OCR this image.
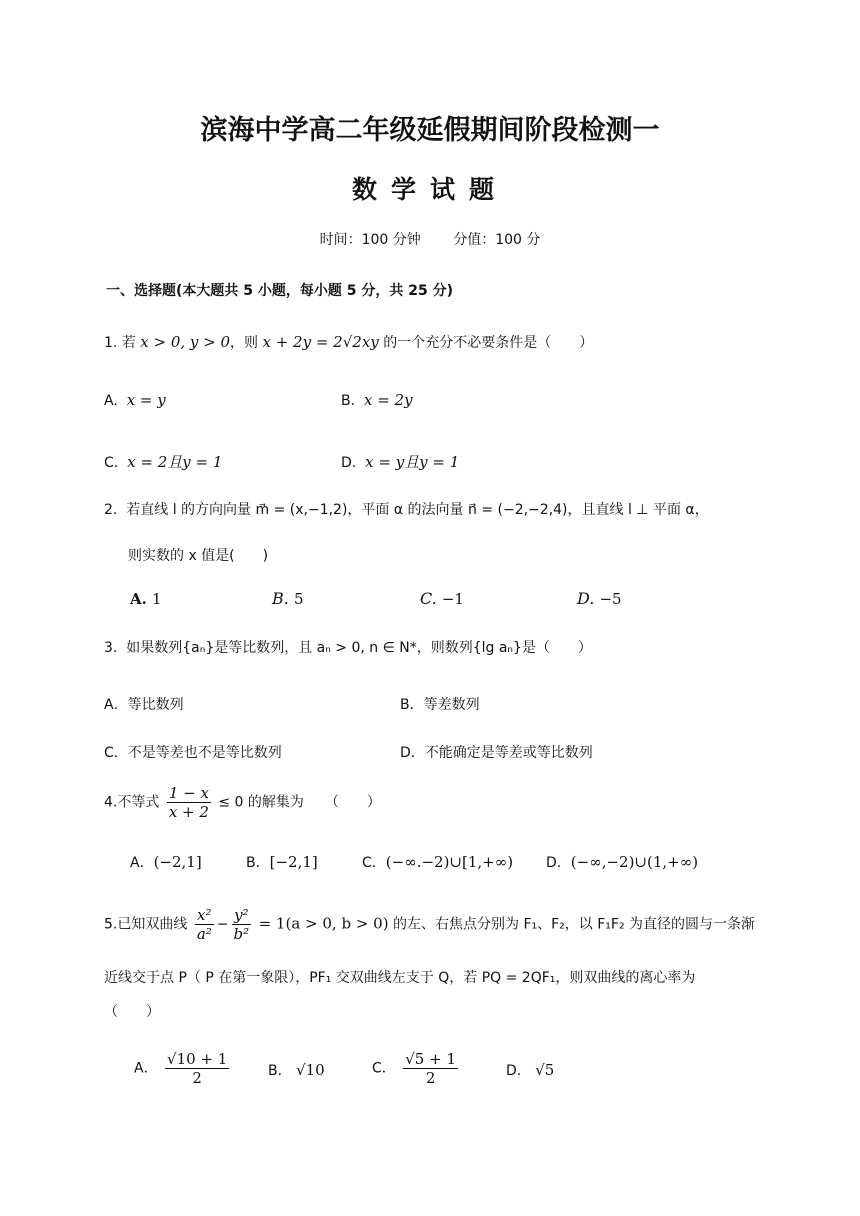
滨海中学高二年级延假期间阶段检测一
数学试题
时间：100 分钟 分值：100 分
一、选择题(本大题共 5 小题，每小题 5 分，共 25 分)
1. 若 x > 0, y > 0，则 x + 2y = 2√2xy 的一个充分不必要条件是（　　）
A. x = y	B. x = 2y
C. x = 2且y = 1	D. x = y且y = 1
2. 若直线 l 的方向向量 m⃗ = (x,−1,2)，平面 α 的法向量 n⃗ = (−2,−2,4)，且直线 l ⊥ 平面 α，
则实数的 x 值是(　　)
A. 1	B. 5	C. −1	D. −5
3. 如果数列{aₙ}是等比数列，且 aₙ > 0, n ∈ N*，则数列{lg aₙ}是（　　）
A．等比数列	B．等差数列
C．不是等差也不是等比数列	D．不能确定是等差或等比数列
4.不等式 $\frac{1 - x}{x + 2} \le 0$ 的解集为　　（　　）
A．(−2,1]	B．[−2,1]	C．(−∞.−2)∪[1,+∞) D．(−∞,−2)∪(1,+∞)
5.已知双曲线 $\frac{\text{x²}}{\text{a²}} - \frac{\text{y²}}{\text{b²}} = 1(a > 0$, b > 0) 的左、右焦点分别为 F₁、F₂，以 F₁F₂ 为直径的圆与一条渐
近线交于点 P（ P 在第一象限），PF₁ 交双曲线左支于 Q，若 PQ = 2QF₁，则双曲线的离心率为
（　　）
A． $\frac{√10 + 1}{2}$	B． √10	C． $\frac{√5 + 1}{2}$	D． √5
